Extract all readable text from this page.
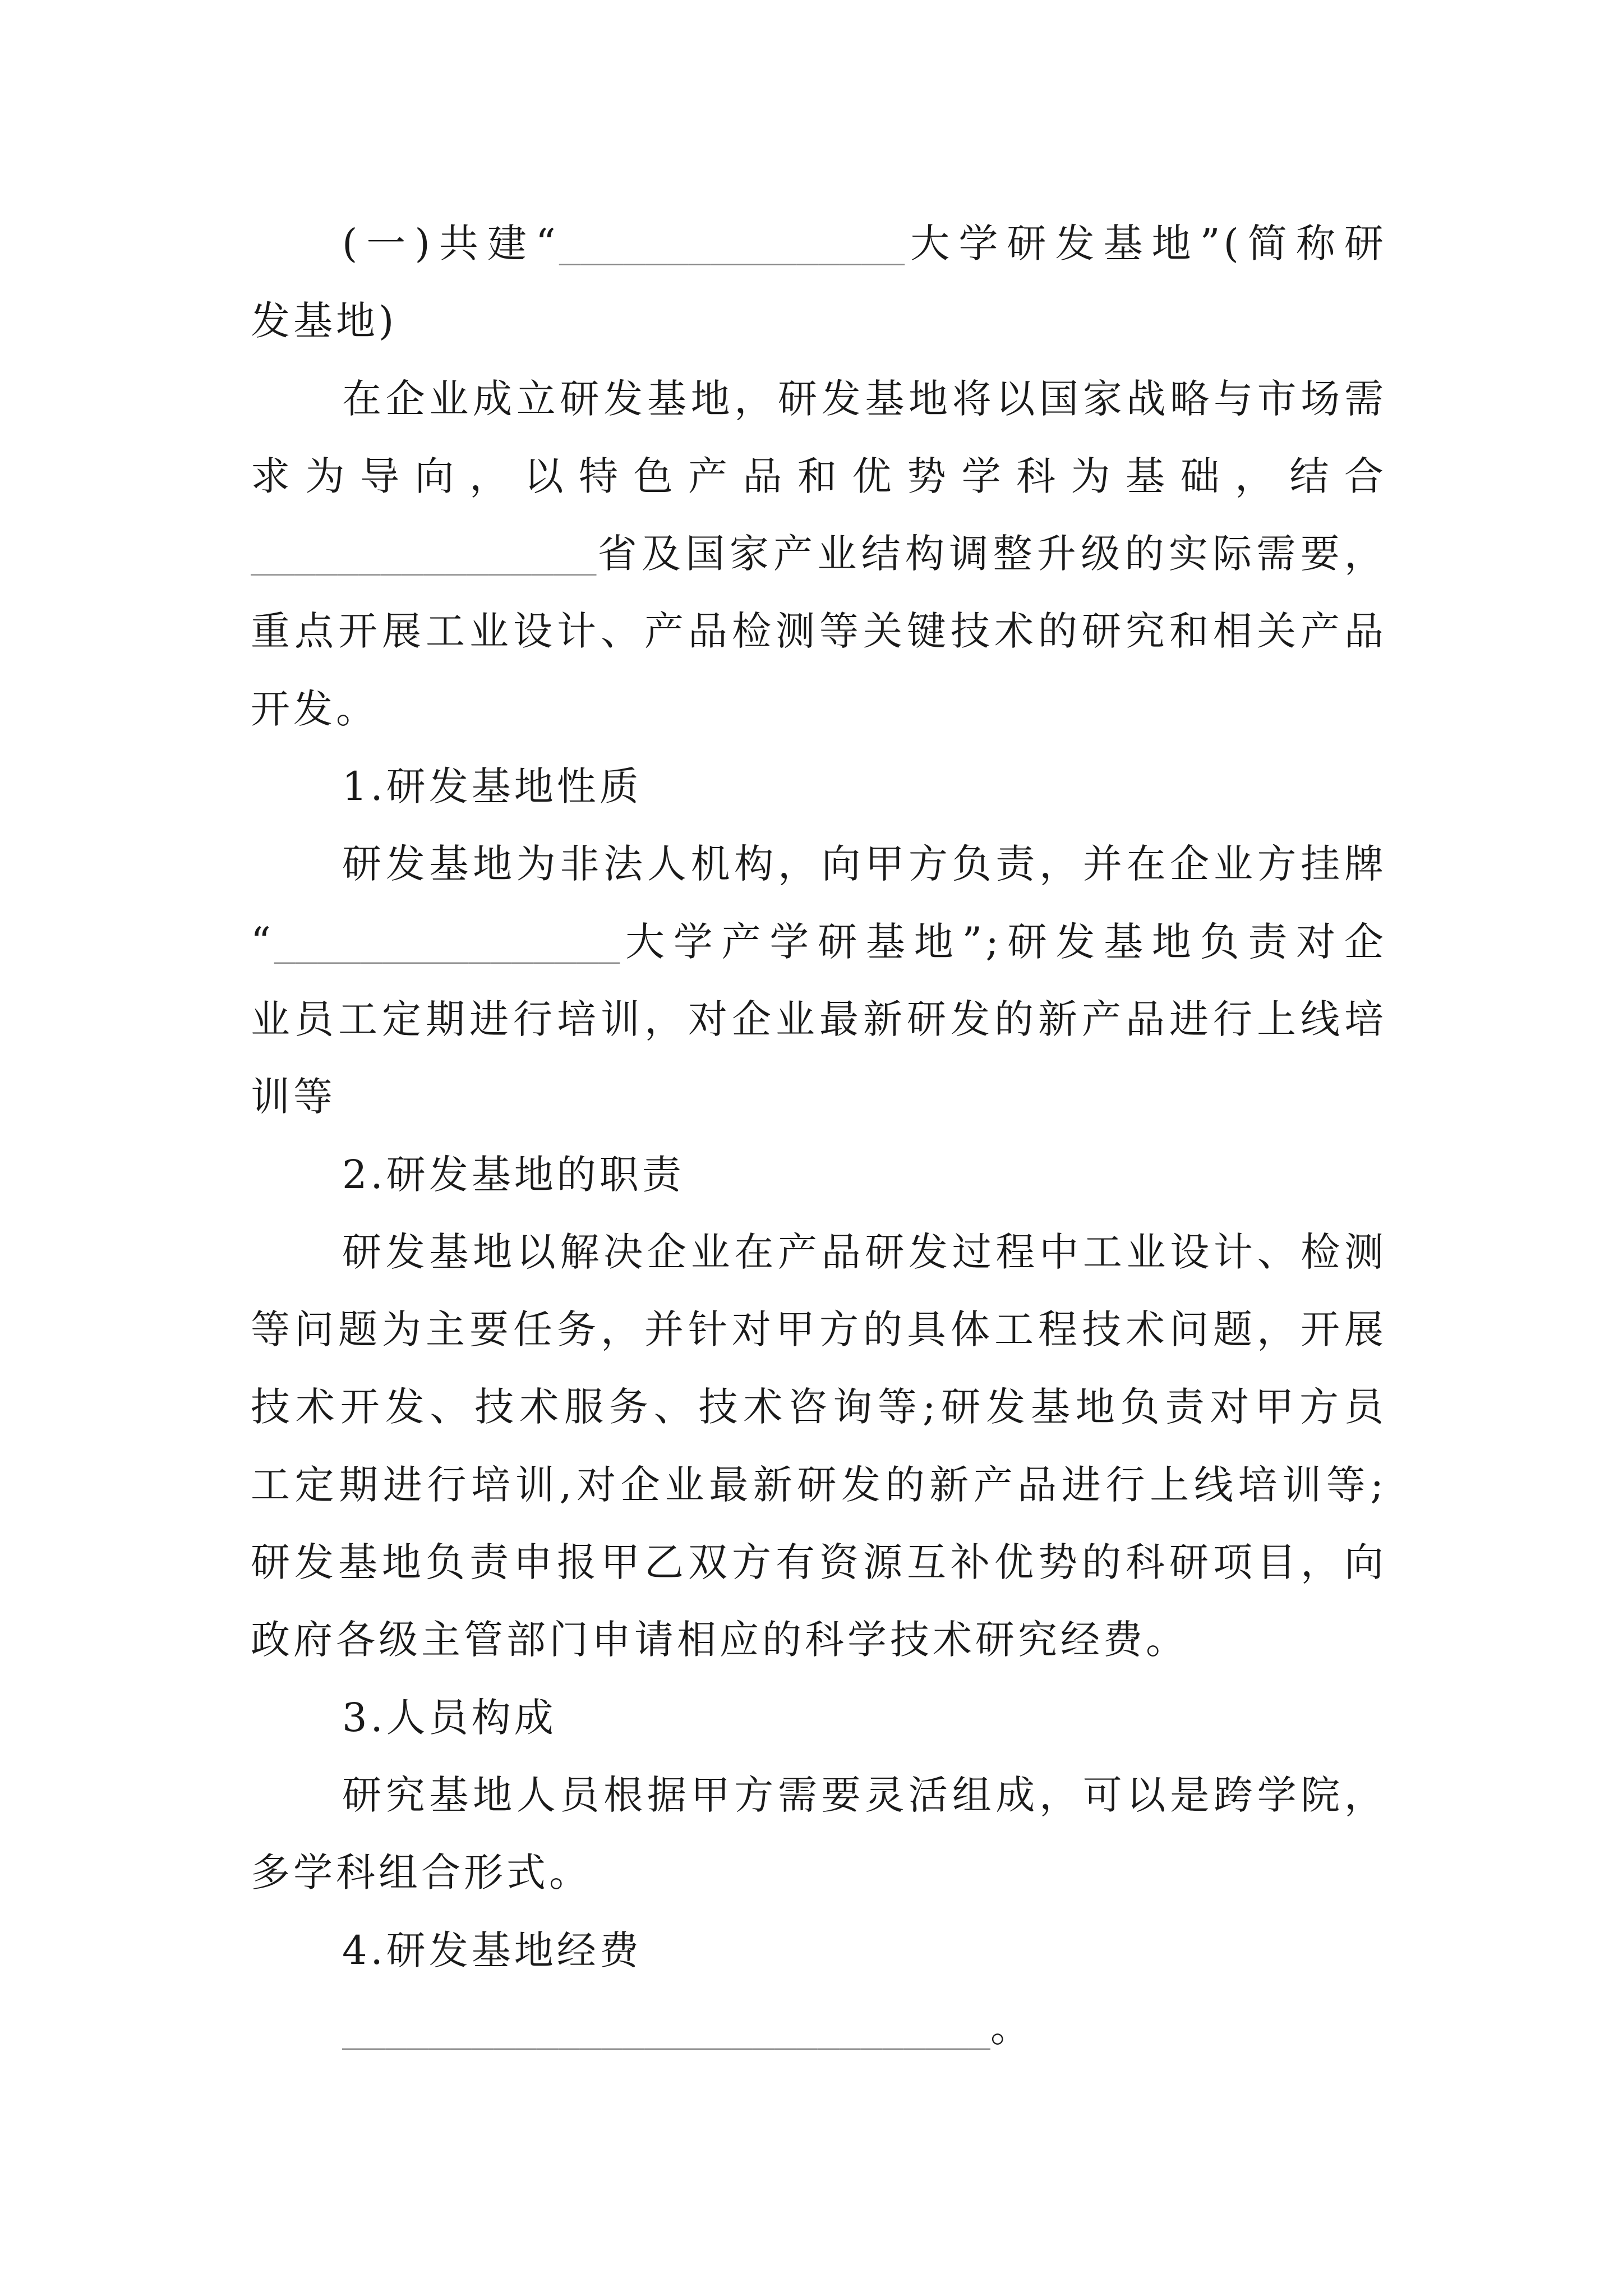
(一)共建“________________大学研发基地”(简称研
发基地)
在企业成立研发基地，研发基地将以国家战略与市场需
求为导向，以特色产品和优势学科为基础，结合
________________省及国家产业结构调整升级的实际需要，
重点开展工业设计、产品检测等关键技术的研究和相关产品
开发。
1.研发基地性质
研发基地为非法人机构，向甲方负责，并在企业方挂牌
“________________大学产学研基地”;研发基地负责对企
业员工定期进行培训，对企业最新研发的新产品进行上线培
训等
2.研发基地的职责
研发基地以解决企业在产品研发过程中工业设计、检测
等问题为主要任务，并针对甲方的具体工程技术问题，开展
技术开发、技术服务、技术咨询等;研发基地负责对甲方员
工定期进行培训,对企业最新研发的新产品进行上线培训等;
研发基地负责申报甲乙双方有资源互补优势的科研项目，向
政府各级主管部门申请相应的科学技术研究经费。
3.人员构成
研究基地人员根据甲方需要灵活组成，可以是跨学院，
多学科组合形式。
4.研发基地经费
______________________________。
